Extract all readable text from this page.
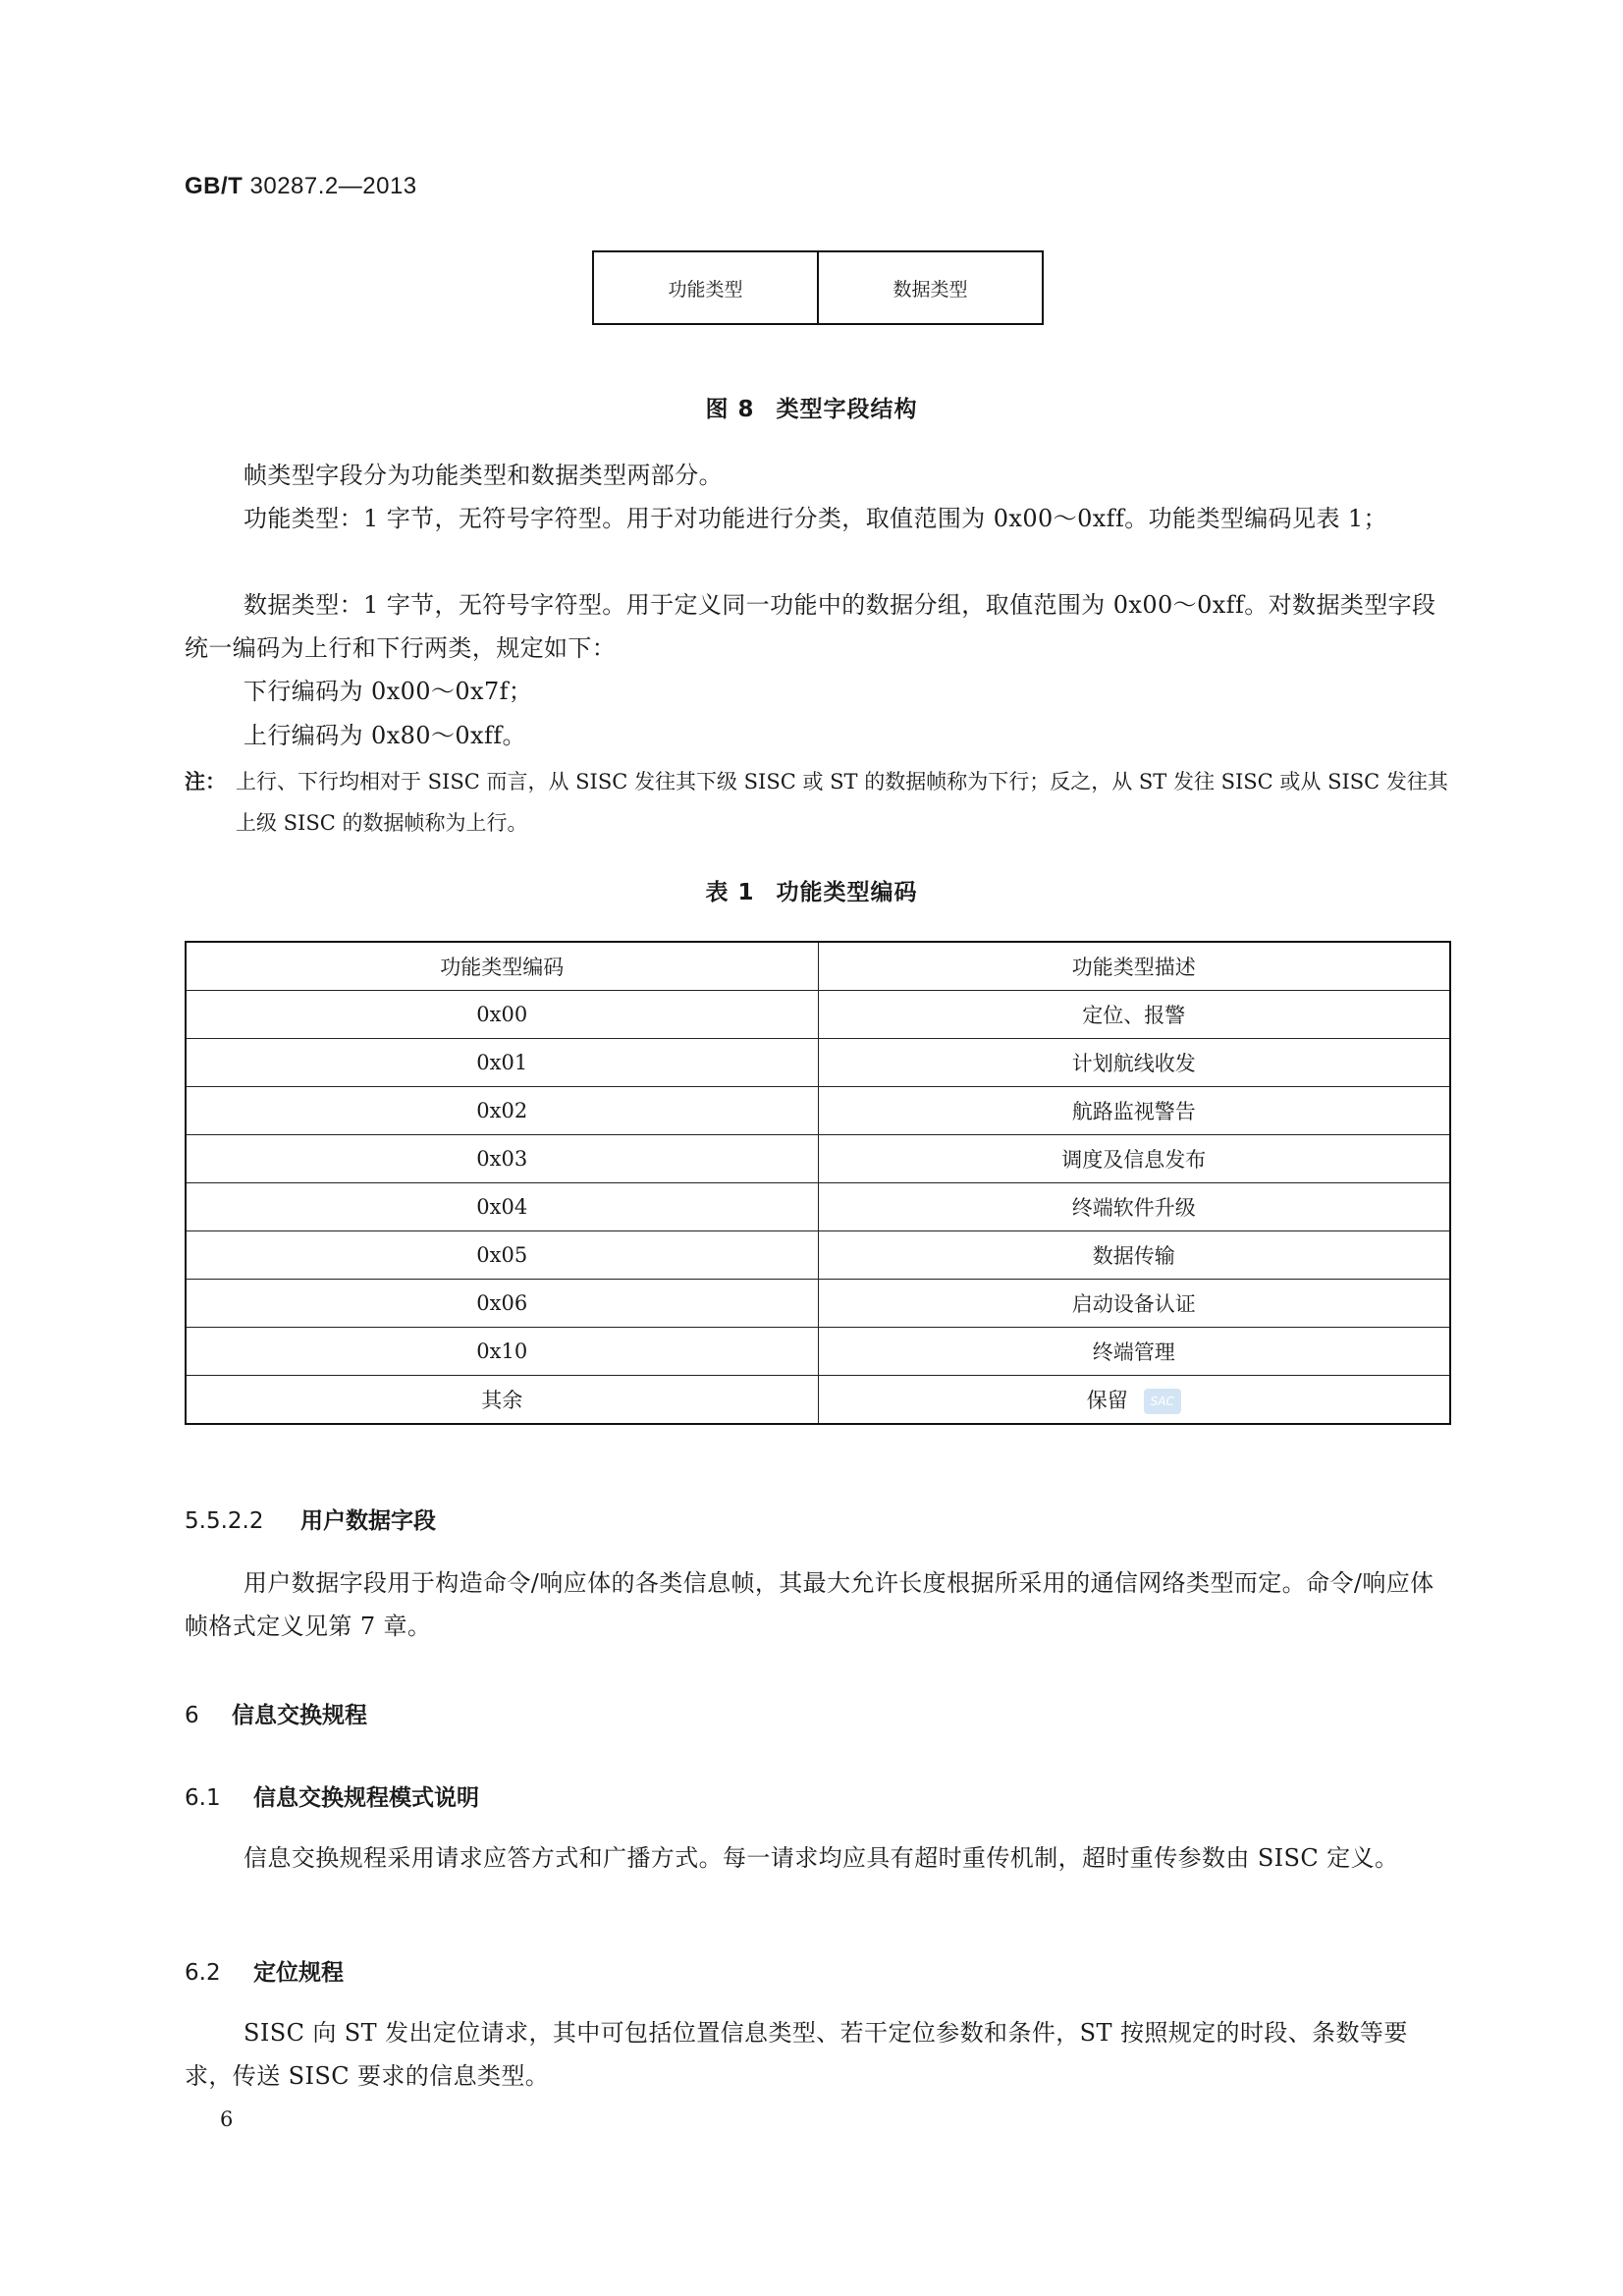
GB/T 30287.2—2013
功能类型	数据类型
图 8 类型字段结构
帧类型字段分为功能类型和数据类型两部分。
功能类型：1 字节，无符号字符型。用于对功能进行分类，取值范围为 0x00～0xff。功能类型编码见表 1；
数据类型：1 字节，无符号字符型。用于定义同一功能中的数据分组，取值范围为 0x00～0xff。对数据类型字段统一编码为上行和下行两类，规定如下：
下行编码为 0x00～0x7f；
上行编码为 0x80～0xff。
注： 上行、下行均相对于 SISC 而言，从 SISC 发往其下级 SISC 或 ST 的数据帧称为下行；反之，从 ST 发往 SISC 或从 SISC 发往其上级 SISC 的数据帧称为上行。
表 1 功能类型编码
功能类型编码	功能类型描述
0x00	定位、报警
0x01	计划航线收发
0x02	航路监视警告
0x03	调度及信息发布
0x04	终端软件升级
0x05	数据传输
0x06	启动设备认证
0x10	终端管理
其余	保留 SAC
5.5.2.2 用户数据字段
用户数据字段用于构造命令/响应体的各类信息帧，其最大允许长度根据所采用的通信网络类型而定。命令/响应体帧格式定义见第 7 章。
6 信息交换规程
6.1 信息交换规程模式说明
信息交换规程采用请求应答方式和广播方式。每一请求均应具有超时重传机制，超时重传参数由 SISC 定义。
6.2 定位规程
SISC 向 ST 发出定位请求，其中可包括位置信息类型、若干定位参数和条件，ST 按照规定的时段、条数等要求，传送 SISC 要求的信息类型。
6
